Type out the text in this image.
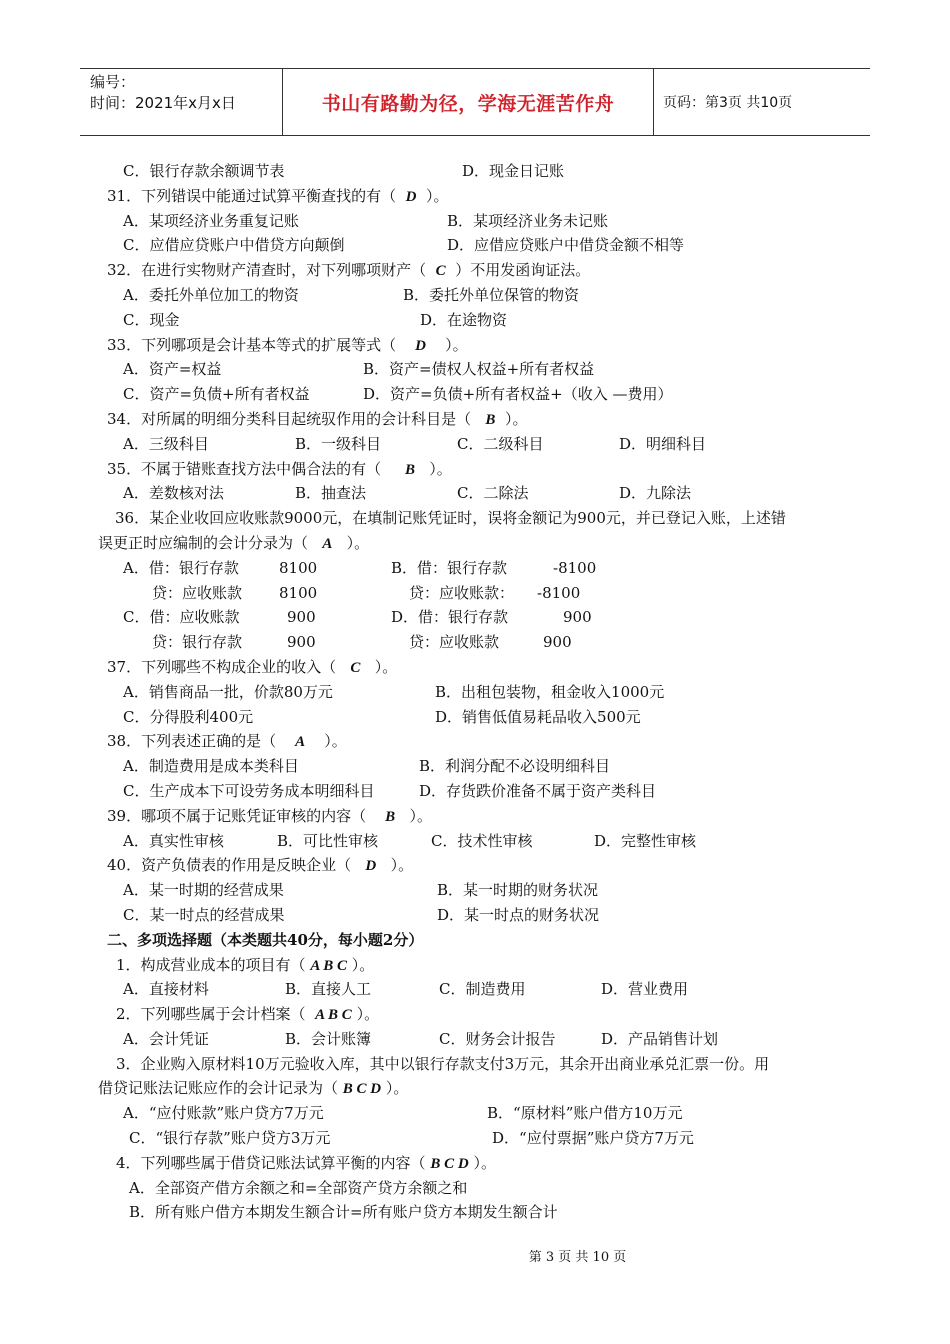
编号：
时间：2021年x月x日	书山有路勤为径，学海无涯苦作舟	页码：第3页 共10页
C．银行存款余额调节表	D．现金日记账
31．下列错误中能通过试算平衡查找的有（ D ）。
A．某项经济业务重复记账	B．某项经济业务未记账
C．应借应贷账户中借贷方向颠倒	D．应借应贷账户中借贷金额不相等
32．在进行实物财产清查时，对下列哪项财产（ C ）不用发函询证法。
A．委托外单位加工的物资	B．委托外单位保管的物资
C．现金	D．在途物资
33．下列哪项是会计基本等式的扩展等式（ D ）。
A．资产=权益	B．资产=债权人权益+所有者权益
C．资产=负债+所有者权益	D．资产=负债+所有者权益+（收入 —费用）
34．对所属的明细分类科目起统驭作用的会计科目是（ B ）。
A．三级科目	B．一级科目	C．二级科目	D．明细科目
35．不属于错账查找方法中偶合法的有（ B ）。
A．差数核对法	B．抽查法	C．二除法	D．九除法
36．某企业收回应收账款9000元，在填制记账凭证时，误将金额记为900元，并已登记入账，上述错
误更正时应编制的会计分录为（ A ）。
A．借：银行存款	8100	B．借：银行存款	-8100
贷：应收账款 8100	贷：应收账款： -8100
C．借：应收账款	900	D．借：银行存款	900
贷：银行存款	900	贷：应收账款	900
37．下列哪些不构成企业的收入（ C ）。
A．销售商品一批，价款80万元	B．出租包装物，租金收入1000元
C．分得股利400元	D．销售低值易耗品收入500元
38．下列表述正确的是（ A ）。
A．制造费用是成本类科目	B．利润分配不必设明细科目
C．生产成本下可设劳务成本明细科目	D．存货跌价准备不属于资产类科目
39．哪项不属于记账凭证审核的内容（ B ）。
A．真实性审核	B．可比性审核	C．技术性审核	D．完整性审核
40．资产负债表的作用是反映企业（ D ）。
A．某一时期的经营成果	B．某一时期的财务状况
C．某一时点的经营成果	D．某一时点的财务状况
二、多项选择题（本类题共40分，每小题2分）
1．构成营业成本的项目有（ A B C ）。
A．直接材料	B．直接人工	C．制造费用	D．营业费用
2．下列哪些属于会计档案（ A B C ）。
A．会计凭证	B．会计账簿	C．财务会计报告	D．产品销售计划
3．企业购入原材料10万元验收入库，其中以银行存款支付3万元，其余开出商业承兑汇票一份。用
借贷记账法记账应作的会计记录为（ B C D ）。
A．“应付账款”账户贷方7万元	B．“原材料”账户借方10万元
C．“银行存款”账户贷方3万元	D．“应付票据”账户贷方7万元
4．下列哪些属于借贷记账法试算平衡的内容（ B C D ）。
A．全部资产借方余额之和=全部资产贷方余额之和
B．所有账户借方本期发生额合计=所有账户贷方本期发生额合计
第 3 页 共 10 页
